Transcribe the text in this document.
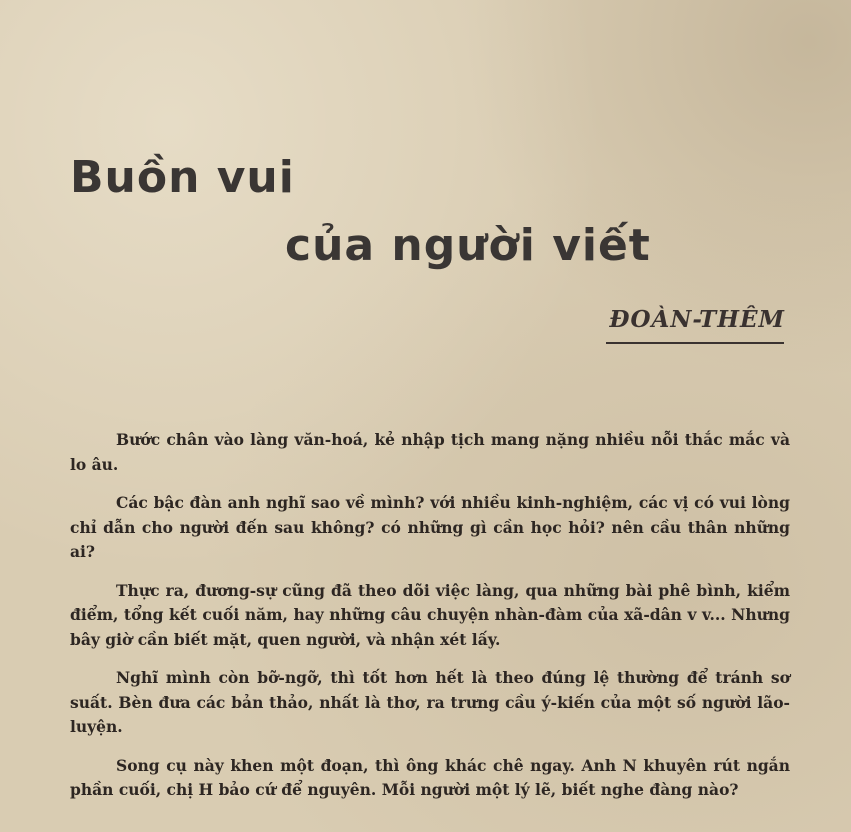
Buồn vui
của người viết
ĐOÀN-THÊM

Bước chân vào làng văn-hoá, kẻ nhập tịch mang nặng nhiều nỗi thắc mắc và lo âu.

Các bậc đàn anh nghĩ sao về mình? với nhiều kinh-nghiệm, các vị có vui lòng chỉ dẫn cho người đến sau không? có những gì cần học hỏi? nên cầu thân những ai?

Thực ra, đương-sự cũng đã theo dõi việc làng, qua những bài phê bình, kiểm điểm, tổng kết cuối năm, hay những câu chuyện nhàn-đàm của xã-dân v v... Nhưng bây giờ cần biết mặt, quen người, và nhận xét lấy.

Nghĩ mình còn bỡ-ngỡ, thì tốt hơn hết là theo đúng lệ thường để tránh sơ suất. Bèn đưa các bản thảo, nhất là thơ, ra trưng cầu ý-kiến của một số người lão-luyện.

Song cụ này khen một đoạn, thì ông khác chê ngay. Anh N khuyên rút ngắn phần cuối, chị H bảo cứ để nguyên. Mỗi người một lý lẽ, biết nghe đàng nào?
